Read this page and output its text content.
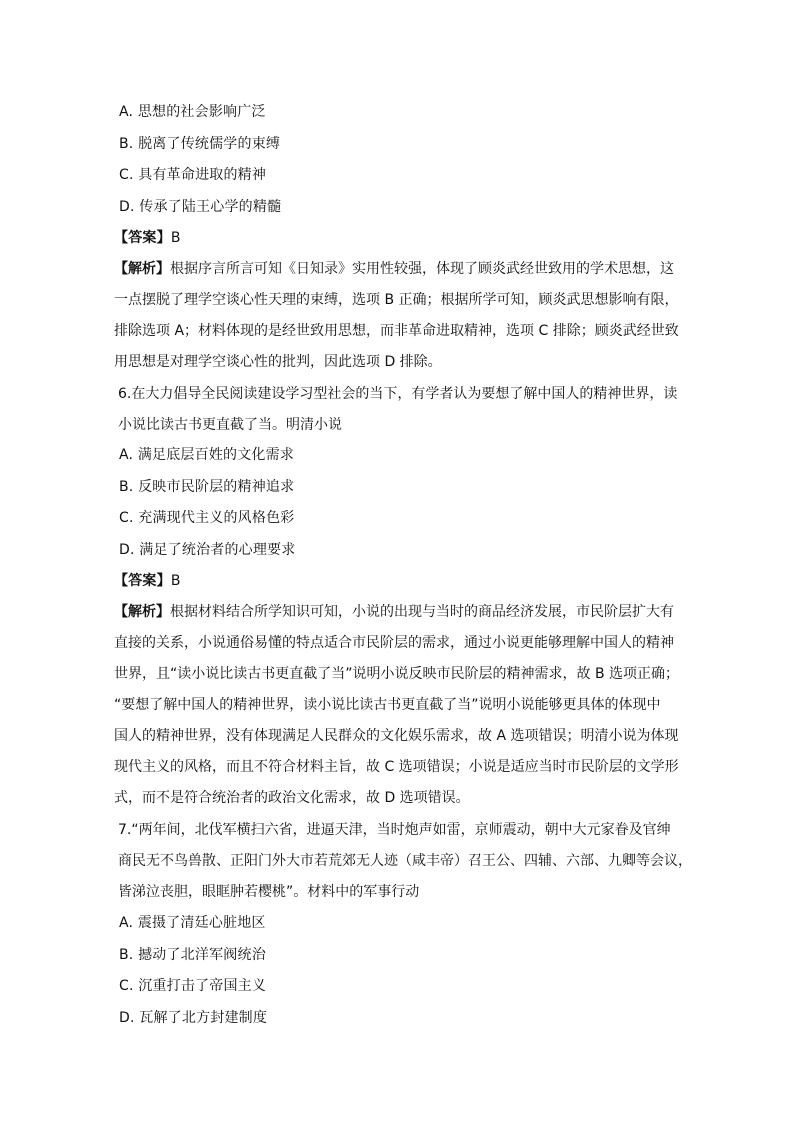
A. 思想的社会影响广泛
B. 脱离了传统儒学的束缚
C. 具有革命进取的精神
D. 传承了陆王心学的精髓
【答案】B
【解析】根据序言所言可知《日知录》实用性较强，体现了顾炎武经世致用的学术思想，这
一点摆脱了理学空谈心性天理的束缚，选项 B 正确；根据所学可知，顾炎武思想影响有限，
排除选项 A；材料体现的是经世致用思想，而非革命进取精神，选项 C 排除；顾炎武经世致
用思想是对理学空谈心性的批判，因此选项 D 排除。
6.在大力倡导全民阅读建设学习型社会的当下，有学者认为要想了解中国人的精神世界，读
小说比读古书更直截了当。明清小说
A. 满足底层百姓的文化需求
B. 反映市民阶层的精神追求
C. 充满现代主义的风格色彩
D. 满足了统治者的心理要求
【答案】B
【解析】根据材料结合所学知识可知，小说的出现与当时的商品经济发展，市民阶层扩大有
直接的关系，小说通俗易懂的特点适合市民阶层的需求，通过小说更能够理解中国人的精神
世界，且“读小说比读古书更直截了当”说明小说反映市民阶层的精神需求，故 B 选项正确；
“要想了解中国人的精神世界，读小说比读古书更直截了当”说明小说能够更具体的体现中
国人的精神世界，没有体现满足人民群众的文化娱乐需求，故 A 选项错误；明清小说为体现
现代主义的风格，而且不符合材料主旨，故 C 选项错误；小说是适应当时市民阶层的文学形
式，而不是符合统治者的政治文化需求，故 D 选项错误。
7.“两年间，北伐军横扫六省，进逼天津，当时炮声如雷，京师震动，朝中大元家眷及官绅
商民无不鸟兽散、正阳门外大市若荒郊无人迹（咸丰帝）召王公、四辅、六部、九卿等会议，
皆涕泣丧胆，眼眶肿若樱桃”。材料中的军事行动
A. 震摄了清廷心脏地区
B. 撼动了北洋军阀统治
C. 沉重打击了帝国主义
D. 瓦解了北方封建制度
